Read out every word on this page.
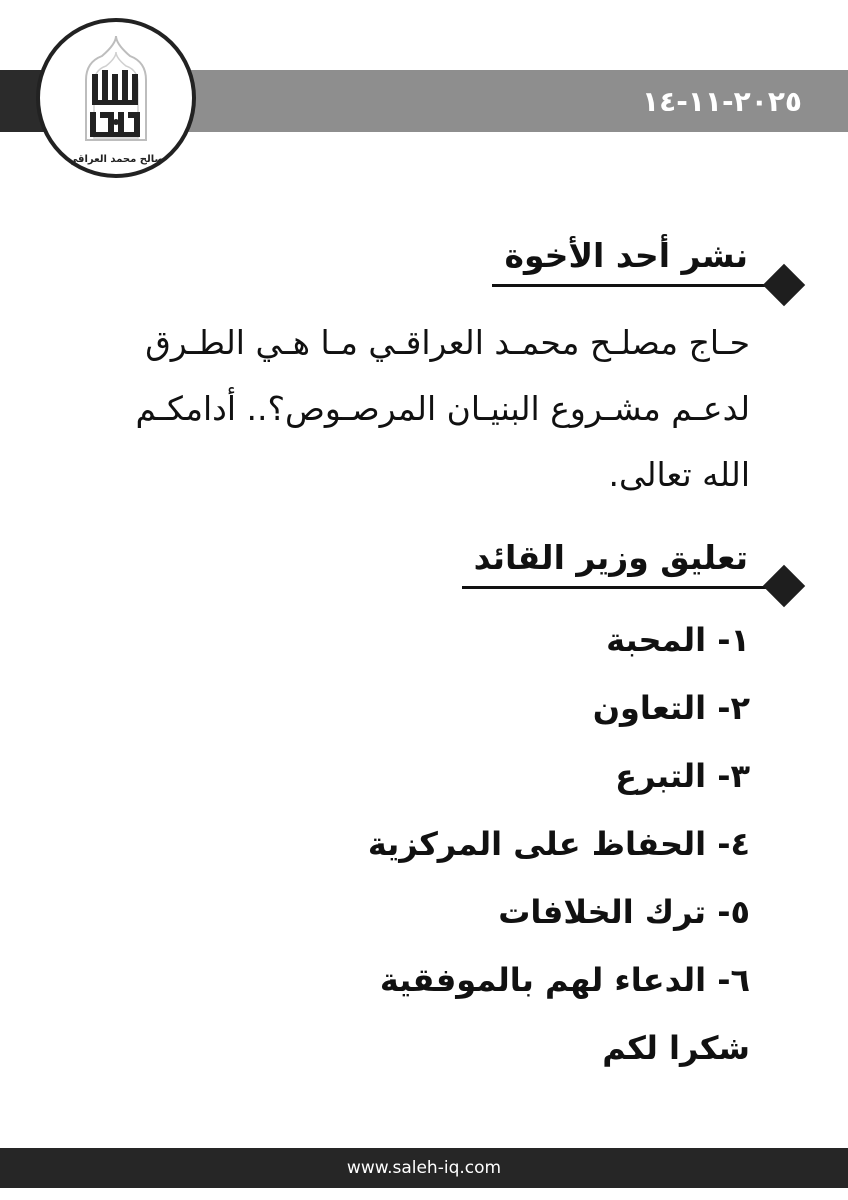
٢٠٢٥-١١-١٤
صالح محمد العراقي
نشر أحد الأخوة
حـاج مصلـح محمـد العراقـي مـا هـي الطـرق
لدعـم مشـروع البنيـان المرصـوص؟.. أدامكـم
الله تعالى.
تعليق وزير القائد
١- المحبة
٢- التعاون
٣- التبرع
٤- الحفاظ على المركزية
٥- ترك الخلافات
٦- الدعاء لهم بالموفقية
شكرا لكم
www.saleh-iq.com
